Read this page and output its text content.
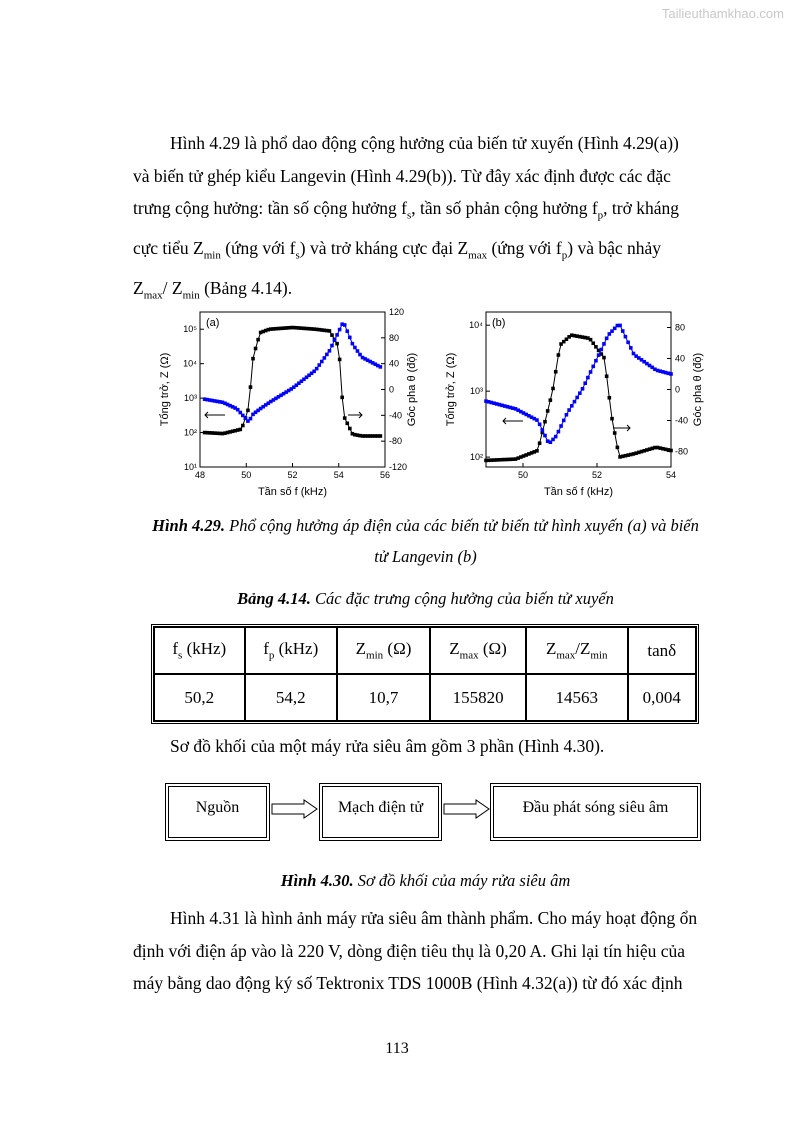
Tailieuthamkhao.com
Hình 4.29 là phổ dao động cộng hưởng của biến tử xuyến (Hình 4.29(a))
và biến tử ghép kiểu Langevin (Hình 4.29(b)). Từ đây xác định được các đặc
trưng cộng hưởng: tần số cộng hưởng $f_s$, tần số phản cộng hưởng $f_p$, trở kháng
cực tiểu $Z_{min}$ (ứng với $f_s$) và trở kháng cực đại $Z_{max}$ (ứng với $f_p$) và bậc nhảy
$Z_{max}/$ $Z_{min}$ (Bảng 4.14).
48	50	52	54	56
10¹
10²
10³
10⁴
10⁵
-120
-80
-40
0
40
80
120
(a)
Tần số f (kHz)
Tổng trở, Z (Ω)	Góc pha θ (độ)
50	52	54
10²
10³
10⁴
-80
-40
0
40
80
(b)
Tần số f (kHz)
Tổng trở, Z (Ω)	Góc pha θ (độ)
Hình 4.29. Phổ cộng hưởng áp điện của các biến tử biến tử hình xuyến (a) và biến
tử Langevin (b)
Bảng 4.14. Các đặc trưng cộng hưởng của biến tử xuyến
$f_s$ (kHz)	$f_p$ (kHz)	$Z_{min}$ (Ω)	$Z_{max}$ (Ω)	$Z_{max}/Z_{min}$	tanδ
50,2	54,2	10,7	155820	14563	0,004
Sơ đồ khối của một máy rửa siêu âm gồm 3 phần (Hình 4.30).
Nguồn	Mạch điện tử	Đầu phát sóng siêu âm
Hình 4.30. Sơ đồ khối của máy rửa siêu âm
Hình 4.31 là hình ảnh máy rửa siêu âm thành phẩm. Cho máy hoạt động ổn
định với điện áp vào là 220 V, dòng điện tiêu thụ là 0,20 A. Ghi lại tín hiệu của
máy bằng dao động ký số Tektronix TDS 1000B (Hình 4.32(a)) từ đó xác định
113
